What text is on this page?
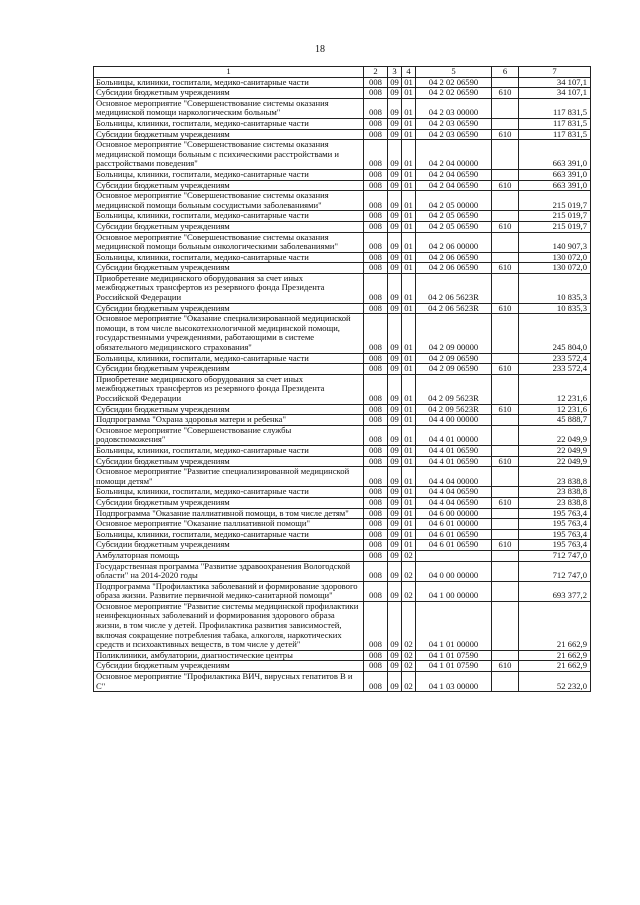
18
1	2	3	4	5	6	7
Больницы, клиники, госпитали, медико-санитарные части	008	09	01	04 2 02 06590		34 107,1
Субсидии бюджетным учреждениям	008	09	01	04 2 02 06590	610	34 107,1
Основное мероприятие "Совершенствование системы оказания медицинской помощи наркологическим больным"	008	09	01	04 2 03 00000		117 831,5
Больницы, клиники, госпитали, медико-санитарные части	008	09	01	04 2 03 06590		117 831,5
Субсидии бюджетным учреждениям	008	09	01	04 2 03 06590	610	117 831,5
Основное мероприятие "Совершенствование системы оказания медицинской помощи больным с психическими расстройствами и расстройствами поведения"	008	09	01	04 2 04 00000		663 391,0
Больницы, клиники, госпитали, медико-санитарные части	008	09	01	04 2 04 06590		663 391,0
Субсидии бюджетным учреждениям	008	09	01	04 2 04 06590	610	663 391,0
Основное мероприятие "Совершенствование системы оказания медицинской помощи больным сосудистыми заболеваниями"	008	09	01	04 2 05 00000		215 019,7
Больницы, клиники, госпитали, медико-санитарные части	008	09	01	04 2 05 06590		215 019,7
Субсидии бюджетным учреждениям	008	09	01	04 2 05 06590	610	215 019,7
Основное мероприятие "Совершенствование системы оказания медицинской помощи больным онкологическими заболеваниями"	008	09	01	04 2 06 00000		140 907,3
Больницы, клиники, госпитали, медико-санитарные части	008	09	01	04 2 06 06590		130 072,0
Субсидии бюджетным учреждениям	008	09	01	04 2 06 06590	610	130 072,0
Приобретение медицинского оборудования за счет иных межбюджетных трансфертов из резервного фонда Президента Российской Федерации	008	09	01	04 2 06 5623R		10 835,3
Субсидии бюджетным учреждениям	008	09	01	04 2 06 5623R	610	10 835,3
Основное мероприятие "Оказание специализированной медицинской помощи, в том числе высокотехнологичной медицинской помощи, государственными учреждениями, работающими в системе обязательного медицинского страхования"	008	09	01	04 2 09 00000		245 804,0
Больницы, клиники, госпитали, медико-санитарные части	008	09	01	04 2 09 06590		233 572,4
Субсидии бюджетным учреждениям	008	09	01	04 2 09 06590	610	233 572,4
Приобретение медицинского оборудования за счет иных межбюджетных трансфертов из резервного фонда Президента Российской Федерации	008	09	01	04 2 09 5623R		12 231,6
Субсидии бюджетным учреждениям	008	09	01	04 2 09 5623R	610	12 231,6
Подпрограмма "Охрана здоровья матери и ребенка"	008	09	01	04 4 00 00000		45 888,7
Основное мероприятие "Совершенствование службы родовспоможения"	008	09	01	04 4 01 00000		22 049,9
Больницы, клиники, госпитали, медико-санитарные части	008	09	01	04 4 01 06590		22 049,9
Субсидии бюджетным учреждениям	008	09	01	04 4 01 06590	610	22 049,9
Основное мероприятие "Развитие специализированной медицинской помощи детям"	008	09	01	04 4 04 00000		23 838,8
Больницы, клиники, госпитали, медико-санитарные части	008	09	01	04 4 04 06590		23 838,8
Субсидии бюджетным учреждениям	008	09	01	04 4 04 06590	610	23 838,8
Подпрограмма "Оказание паллиативной помощи, в том числе детям"	008	09	01	04 6 00 00000		195 763,4
Основное мероприятие "Оказание паллиативной помощи"	008	09	01	04 6 01 00000		195 763,4
Больницы, клиники, госпитали, медико-санитарные части	008	09	01	04 6 01 06590		195 763,4
Субсидии бюджетным учреждениям	008	09	01	04 6 01 06590	610	195 763,4
Амбулаторная помощь	008	09	02			712 747,0
Государственная программа "Развитие здравоохранения Вологодской области" на 2014-2020 годы	008	09	02	04 0 00 00000		712 747,0
Подпрограмма "Профилактика заболеваний и формирование здорового образа жизни. Развитие первичной медико-санитарной помощи"	008	09	02	04 1 00 00000		693 377,2
Основное мероприятие "Развитие системы медицинской профилактики неинфекционных заболеваний и формирования здорового образа жизни, в том числе у детей. Профилактика развития зависимостей, включая сокращение потребления табака, алкоголя, наркотических средств и психоактивных веществ, в том числе у детей"	008	09	02	04 1 01 00000		21 662,9
Поликлиники, амбулатории, диагностические центры	008	09	02	04 1 01 07590		21 662,9
Субсидии бюджетным учреждениям	008	09	02	04 1 01 07590	610	21 662,9
Основное мероприятие "Профилактика ВИЧ, вирусных гепатитов В и С"	008	09	02	04 1 03 00000		52 232,0
